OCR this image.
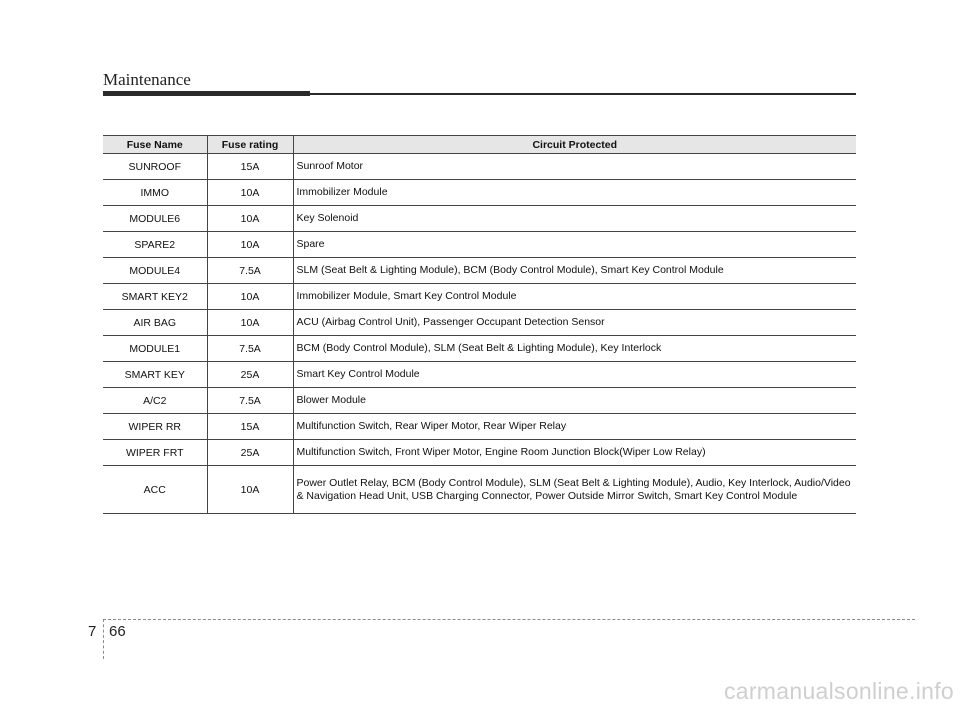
Maintenance
Fuse Name	Fuse rating	Circuit Protected
SUNROOF	15A	Sunroof Motor
IMMO	10A	Immobilizer Module
MODULE6	10A	Key Solenoid
SPARE2	10A	Spare
MODULE4	7.5A	SLM (Seat Belt & Lighting Module), BCM (Body Control Module), Smart Key Control Module
SMART KEY2	10A	Immobilizer Module, Smart Key Control Module
AIR BAG	10A	ACU (Airbag Control Unit), Passenger Occupant Detection Sensor
MODULE1	7.5A	BCM (Body Control Module), SLM (Seat Belt & Lighting Module), Key Interlock
SMART KEY	25A	Smart Key Control Module
A/C2	7.5A	Blower Module
WIPER RR	15A	Multifunction Switch, Rear Wiper Motor, Rear Wiper Relay
WIPER FRT	25A	Multifunction Switch, Front Wiper Motor, Engine Room Junction Block(Wiper Low Relay)
ACC	10A	Power Outlet Relay, BCM (Body Control Module), SLM (Seat Belt & Lighting Module), Audio, Key Interlock, Audio/Video & Navigation Head Unit, USB Charging Connector, Power Outside Mirror Switch, Smart Key Control Module
7 66
carmanualsonline.info
